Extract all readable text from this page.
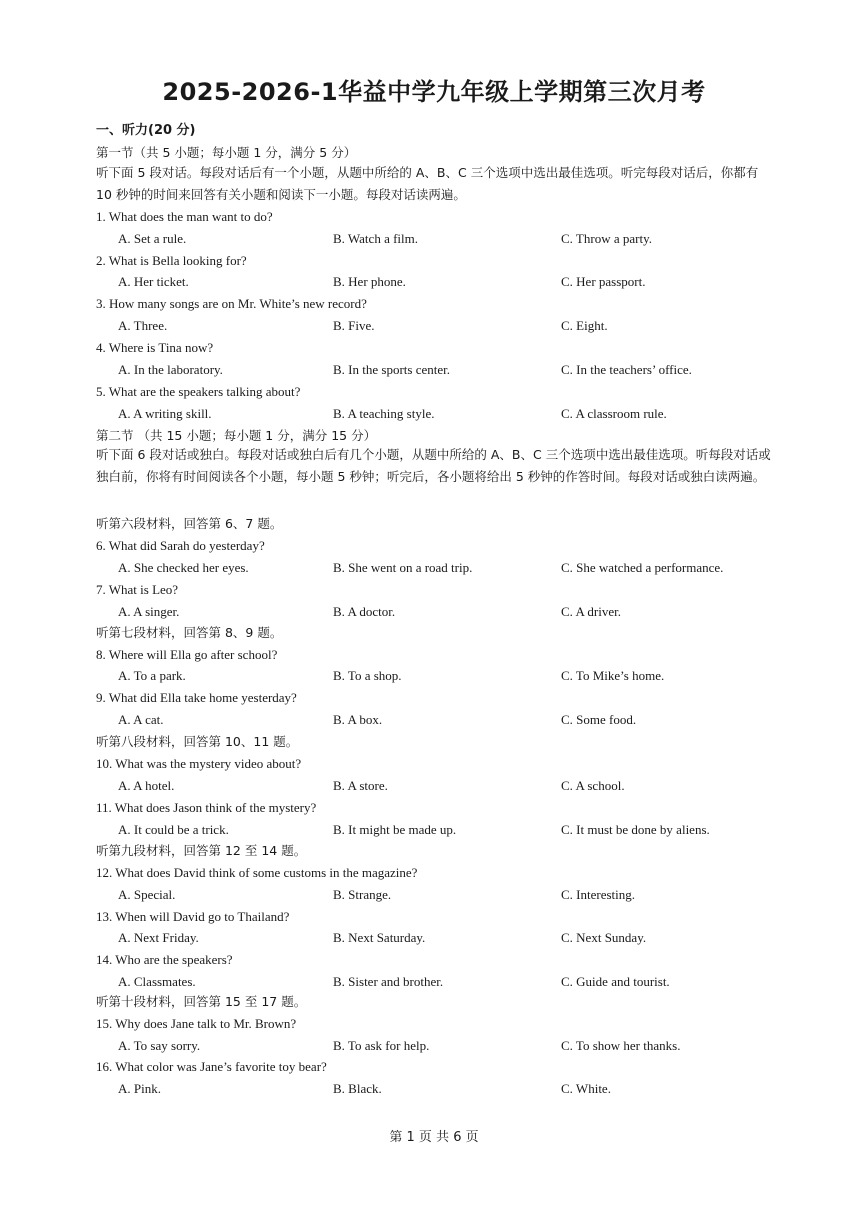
2025-2026-1华益中学九年级上学期第三次月考
一、听力(20 分)
第一节（共 5 小题；每小题 1 分，满分 5 分）
听下面 5 段对话。每段对话后有一个小题，从题中所给的 A、B、C 三个选项中选出最佳选项。听完每段对话后，你都有 10 秒钟的时间来回答有关小题和阅读下一小题。每段对话读两遍。
1. What does the man want to do?
A. Set a rule.	B. Watch a film.	C. Throw a party.
2. What is Bella looking for?
A. Her ticket.	B. Her phone.	C. Her passport.
3. How many songs are on Mr. White’s new record?
A. Three.	B. Five.	C. Eight.
4. Where is Tina now?
A. In the laboratory.	B. In the sports center.	C. In the teachers’ office.
5. What are the speakers talking about?
A. A writing skill.	B. A teaching style.	C. A classroom rule.
第二节 （共 15 小题；每小题 1 分，满分 15 分）
听下面 6 段对话或独白。每段对话或独白后有几个小题，从题中所给的 A、B、C 三个选项中选出最佳选项。听每段对话或独白前，你将有时间阅读各个小题，每小题 5 秒钟；听完后，各小题将给出 5 秒钟的作答时间。每段对话或独白读两遍。
听第六段材料，回答第 6、7 题。
6. What did Sarah do yesterday?
A. She checked her eyes.	B. She went on a road trip.	C. She watched a performance.
7. What is Leo?
A. A singer.	B. A doctor.	C. A driver.
听第七段材料，回答第 8、9 题。
8. Where will Ella go after school?
A. To a park.	B. To a shop.	C. To Mike’s home.
9. What did Ella take home yesterday?
A. A cat.	B. A box.	C. Some food.
听第八段材料，回答第 10、11 题。
10. What was the mystery video about?
A. A hotel.	B. A store.	C. A school.
11. What does Jason think of the mystery?
A. It could be a trick.	B. It might be made up.	C. It must be done by aliens.
听第九段材料，回答第 12 至 14 题。
12. What does David think of some customs in the magazine?
A. Special.	B. Strange.	C. Interesting.
13. When will David go to Thailand?
A. Next Friday.	B. Next Saturday.	C. Next Sunday.
14. Who are the speakers?
A. Classmates.	B. Sister and brother.	C. Guide and tourist.
听第十段材料，回答第 15 至 17 题。
15. Why does Jane talk to Mr. Brown?
A. To say sorry.	B. To ask for help.	C. To show her thanks.
16. What color was Jane’s favorite toy bear?
A. Pink.	B. Black.	C. White.
第 1 页 共 6 页
